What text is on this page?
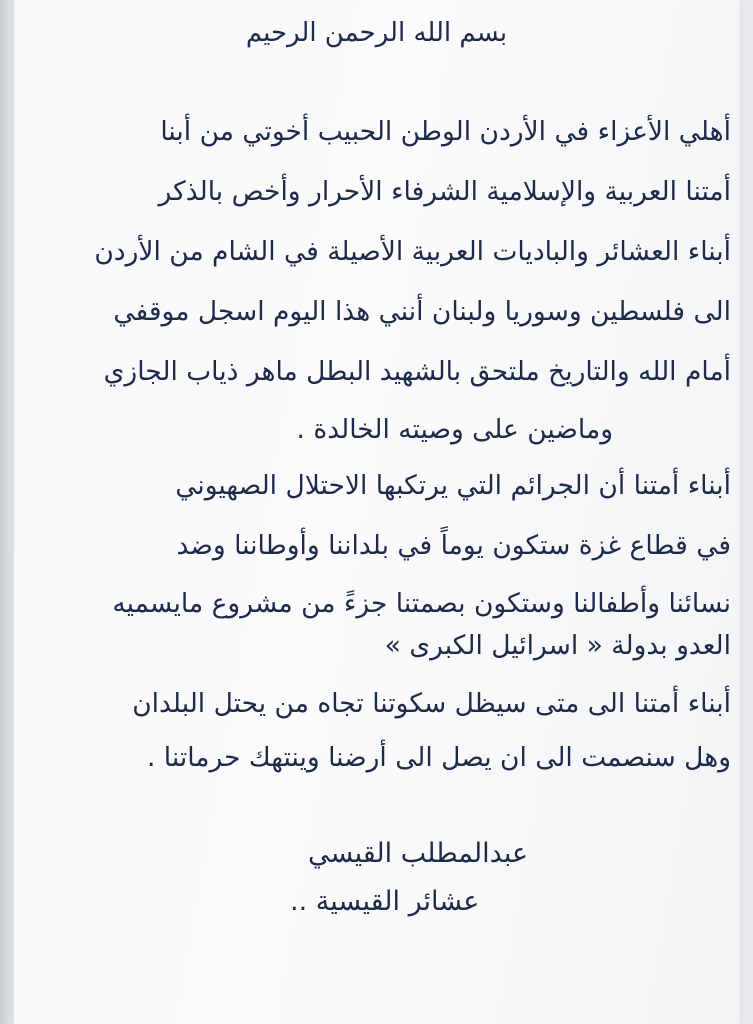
بسم الله الرحمن الرحيم
أهلي الأعزاء في الأردن الوطن الحبيب أخوتي من أبنا
أمتنا العربية والإسلامية الشرفاء الأحرار وأخص بالذكر
أبناء العشائر والباديات العربية الأصيلة في الشام من الأردن
الى فلسطين وسوريا ولبنان أنني هذا اليوم اسجل موقفي
أمام الله والتاريخ ملتحق بالشهيد البطل ماهر ذياب الجازي
وماضين على وصيته الخالدة .
أبناء أمتنا أن الجرائم التي يرتكبها الاحتلال الصهيوني
في قطاع غزة ستكون يوماً في بلداننا وأوطاننا وضد
نسائنا وأطفالنا وستكون بصمتنا جزءً من مشروع مايسميه
العدو بدولة « اسرائيل الكبرى »
أبناء أمتنا الى متى سيظل سكوتنا تجاه من يحتل البلدان
وهل سنصمت الى ان يصل الى أرضنا وينتهك حرماتنا .
عبدالمطلب القيسي
عشائر القيسية ..
